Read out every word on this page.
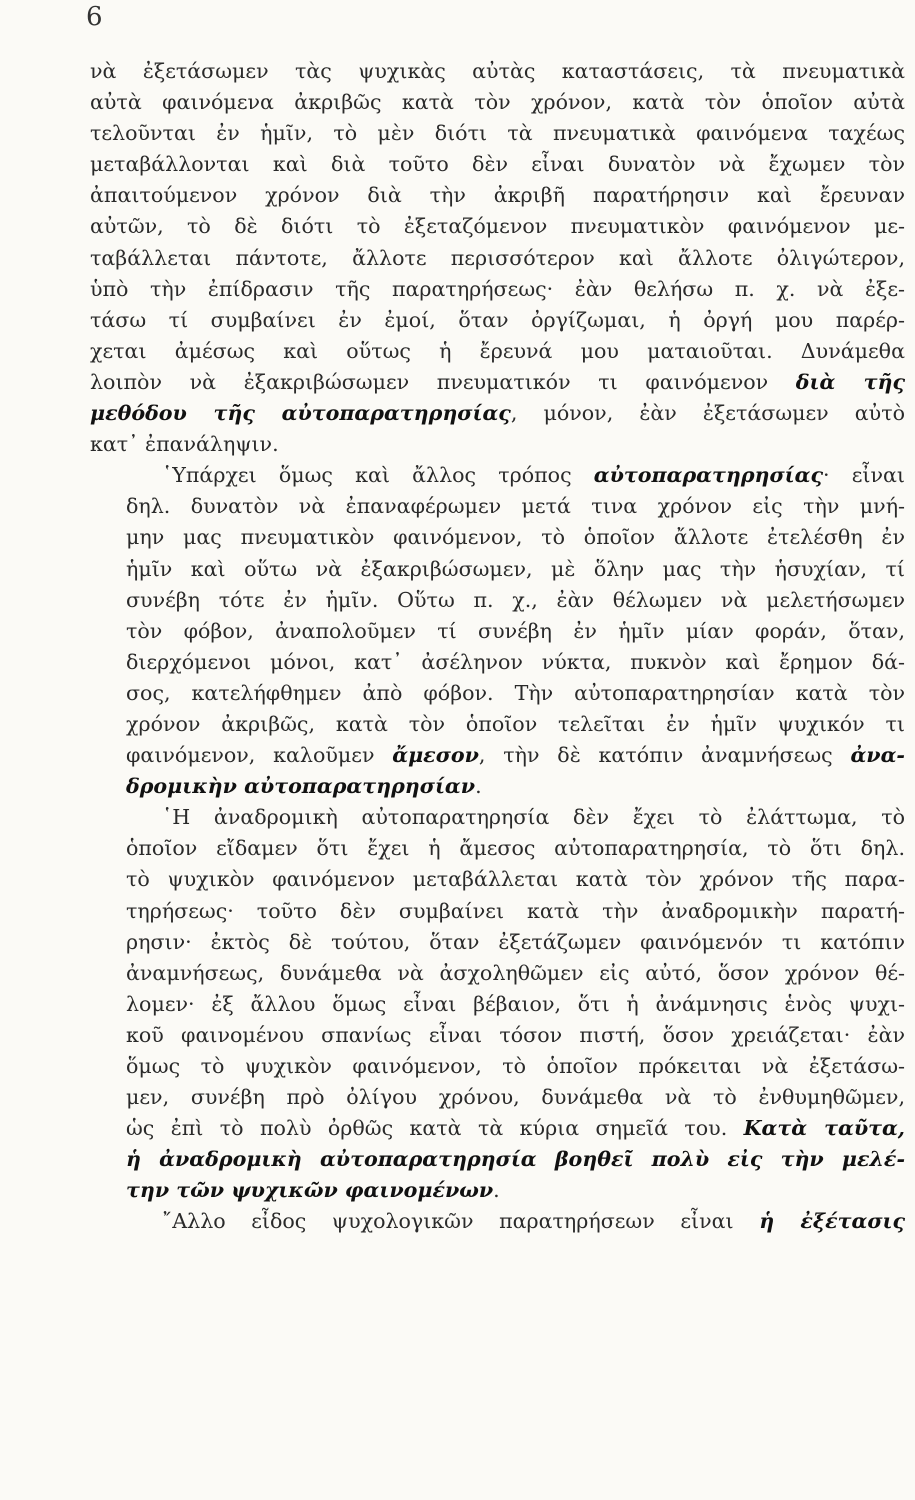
6

νὰ ἐξετάσωμεν τὰς ψυχικὰς αὐτὰς καταστάσεις, τὰ πνευματικὰ
αὐτὰ φαινόμενα ἀκριβῶς κατὰ τὸν χρόνον, κατὰ τὸν ὁποῖον αὐτὰ
τελοῦνται ἐν ἡμῖν, τὸ μὲν διότι τὰ πνευματικὰ φαινόμενα ταχέως
μεταβάλλονται καὶ διὰ τοῦτο δὲν εἶναι δυνατὸν νὰ ἔχωμεν τὸν
ἀπαιτούμενον χρόνον διὰ τὴν ἀκριβῆ παρατήρησιν καὶ ἔρευναν
αὐτῶν, τὸ δὲ διότι τὸ ἐξεταζόμενον πνευματικὸν φαινόμενον με-
ταβάλλεται πάντοτε, ἄλλοτε περισσότερον καὶ ἄλλοτε ὀλιγώτερον,
ὑπὸ τὴν ἐπίδρασιν τῆς παρατηρήσεως· ἐὰν θελήσω π. χ. νὰ ἐξε-
τάσω τί συμβαίνει ἐν ἐμοί, ὅταν ὀργίζωμαι, ἡ ὀργή μου παρέρ-
χεται ἀμέσως καὶ οὕτως ἡ ἔρευνά μου ματαιοῦται. Δυνάμεθα
λοιπὸν νὰ ἐξακριβώσωμεν πνευματικόν τι φαινόμενον διὰ τῆς
μεθόδου τῆς αὐτοπαρατηρησίας, μόνον, ἐὰν ἐξετάσωμεν αὐτὸ
κατ᾽ ἐπανάληψιν.

῾Υπάρχει ὅμως καὶ ἄλλος τρόπος αὐτοπαρατηρησίας· εἶναι
δηλ. δυνατὸν νὰ ἐπαναφέρωμεν μετά τινα χρόνον εἰς τὴν μνή-
μην μας πνευματικὸν φαινόμενον, τὸ ὁποῖον ἄλλοτε ἐτελέσθη ἐν
ἡμῖν καὶ οὕτω νὰ ἐξακριβώσωμεν, μὲ ὅλην μας τὴν ἡσυχίαν, τί
συνέβη τότε ἐν ἡμῖν. Οὕτω π. χ., ἐὰν θέλωμεν νὰ μελετήσωμεν
τὸν φόβον, ἀναπολοῦμεν τί συνέβη ἐν ἡμῖν μίαν φοράν, ὅταν,
διερχόμενοι μόνοι, κατ᾽ ἀσέληνον νύκτα, πυκνὸν καὶ ἔρημον δά-
σος, κατελήφθημεν ἀπὸ φόβον. Τὴν αὐτοπαρατηρησίαν κατὰ τὸν
χρόνον ἀκριβῶς, κατὰ τὸν ὁποῖον τελεῖται ἐν ἡμῖν ψυχικόν τι
φαινόμενον, καλοῦμεν ἄμεσον, τὴν δὲ κατόπιν ἀναμνήσεως ἀνα-
δρομικὴν αὐτοπαρατηρησίαν.

῾Η ἀναδρομικὴ αὐτοπαρατηρησία δὲν ἔχει τὸ ἐλάττωμα, τὸ
ὁποῖον εἴδαμεν ὅτι ἔχει ἡ ἄμεσος αὐτοπαρατηρησία, τὸ ὅτι δηλ.
τὸ ψυχικὸν φαινόμενον μεταβάλλεται κατὰ τὸν χρόνον τῆς παρα-
τηρήσεως· τοῦτο δὲν συμβαίνει κατὰ τὴν ἀναδρομικὴν παρατή-
ρησιν· ἐκτὸς δὲ τούτου, ὅταν ἐξετάζωμεν φαινόμενόν τι κατόπιν
ἀναμνήσεως, δυνάμεθα νὰ ἀσχοληθῶμεν εἰς αὐτό, ὅσον χρόνον θέ-
λομεν· ἐξ ἄλλου ὅμως εἶναι βέβαιον, ὅτι ἡ ἀνάμνησις ἑνὸς ψυχι-
κοῦ φαινομένου σπανίως εἶναι τόσον πιστή, ὅσον χρειάζεται· ἐὰν
ὅμως τὸ ψυχικὸν φαινόμενον, τὸ ὁποῖον πρόκειται νὰ ἐξετάσω-
μεν, συνέβη πρὸ ὀλίγου χρόνου, δυνάμεθα νὰ τὸ ἐνθυμηθῶμεν,
ὡς ἐπὶ τὸ πολὺ ὀρθῶς κατὰ τὰ κύρια σημεῖά του. Κατὰ ταῦτα,
ἡ ἀναδρομικὴ αὐτοπαρατηρησία βοηθεῖ πολὺ εἰς τὴν μελέ-
την τῶν ψυχικῶν φαινομένων.

῎Αλλο εἶδος ψυχολογικῶν παρατηρήσεων εἶναι ἡ ἐξέτασις
